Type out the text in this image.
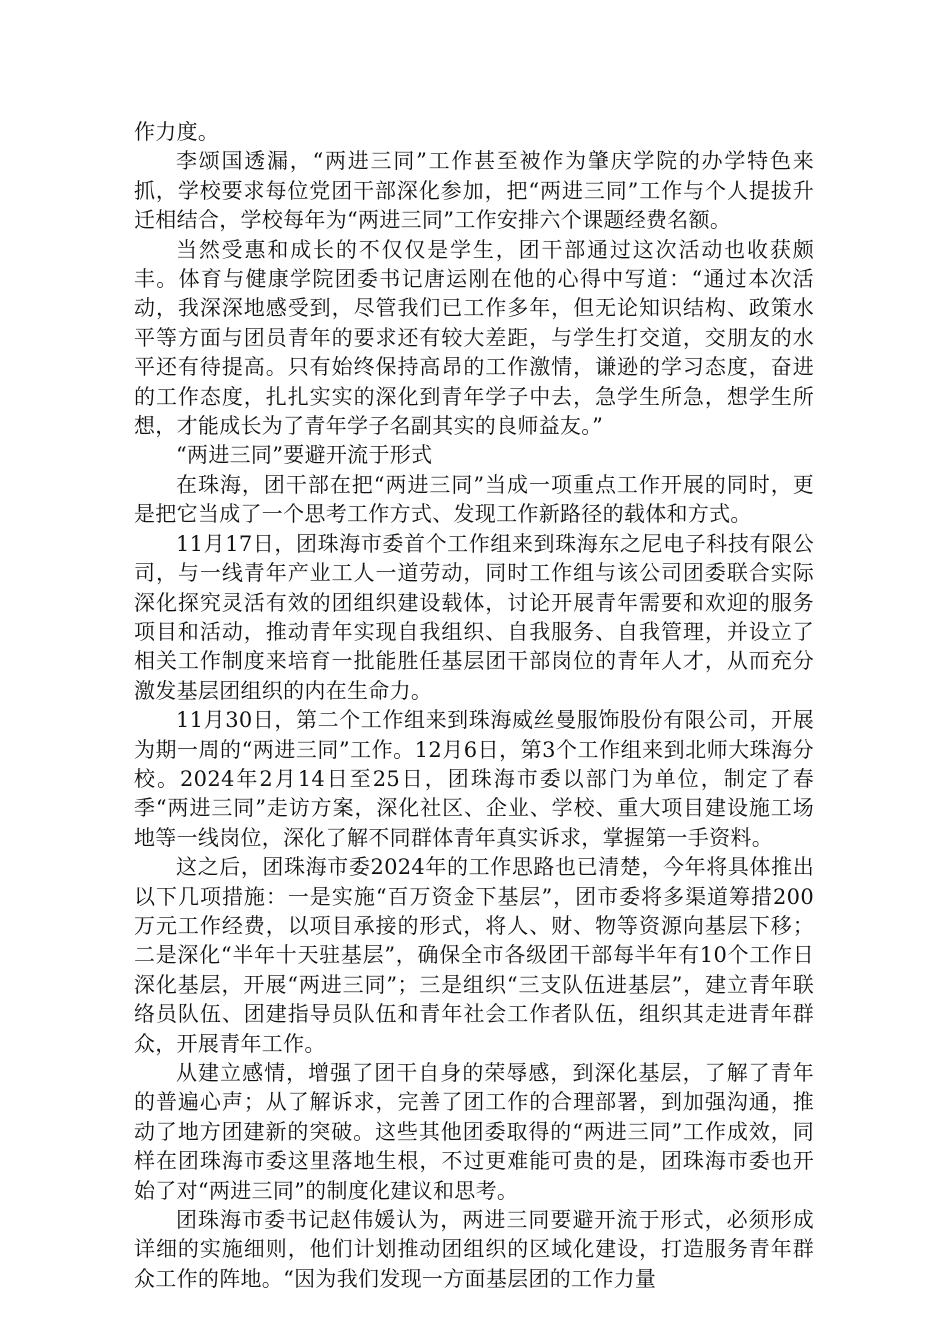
作力度。

李颂国透漏，“两进三同”工作甚至被作为肇庆学院的办学特色来抓，学校要求每位党团干部深化参加，把“两进三同”工作与个人提拔升迁相结合，学校每年为“两进三同”工作安排六个课题经费名额。

当然受惠和成长的不仅仅是学生，团干部通过这次活动也收获颇丰。体育与健康学院团委书记唐运刚在他的心得中写道：“通过本次活动，我深深地感受到，尽管我们已工作多年，但无论知识结构、政策水平等方面与团员青年的要求还有较大差距，与学生打交道，交朋友的水平还有待提高。只有始终保持高昂的工作激情，谦逊的学习态度，奋进的工作态度，扎扎实实的深化到青年学子中去，急学生所急，想学生所想，才能成长为了青年学子名副其实的良师益友。”

“两进三同”要避开流于形式

在珠海，团干部在把“两进三同”当成一项重点工作开展的同时，更是把它当成了一个思考工作方式、发现工作新路径的载体和方式。

11月17日，团珠海市委首个工作组来到珠海东之尼电子科技有限公司，与一线青年产业工人一道劳动，同时工作组与该公司团委联合实际深化探究灵活有效的团组织建设载体，讨论开展青年需要和欢迎的服务项目和活动，推动青年实现自我组织、自我服务、自我管理，并设立了相关工作制度来培育一批能胜任基层团干部岗位的青年人才，从而充分激发基层团组织的内在生命力。

11月30日，第二个工作组来到珠海威丝曼服饰股份有限公司，开展为期一周的“两进三同”工作。12月6日，第3个工作组来到北师大珠海分校。2024年2月14日至25日，团珠海市委以部门为单位，制定了春季“两进三同”走访方案，深化社区、企业、学校、重大项目建设施工场地等一线岗位，深化了解不同群体青年真实诉求，掌握第一手资料。

这之后，团珠海市委2024年的工作思路也已清楚，今年将具体推出以下几项措施：一是实施“百万资金下基层”，团市委将多渠道筹措200万元工作经费，以项目承接的形式，将人、财、物等资源向基层下移；二是深化“半年十天驻基层”，确保全市各级团干部每半年有10个工作日深化基层，开展“两进三同”；三是组织“三支队伍进基层”，建立青年联络员队伍、团建指导员队伍和青年社会工作者队伍，组织其走进青年群众，开展青年工作。

从建立感情，增强了团干自身的荣辱感，到深化基层，了解了青年的普遍心声；从了解诉求，完善了团工作的合理部署，到加强沟通，推动了地方团建新的突破。这些其他团委取得的“两进三同”工作成效，同样在团珠海市委这里落地生根，不过更难能可贵的是，团珠海市委也开始了对“两进三同”的制度化建议和思考。

团珠海市委书记赵伟媛认为，两进三同要避开流于形式，必须形成详细的实施细则，他们计划推动团组织的区域化建设，打造服务青年群众工作的阵地。“因为我们发现一方面基层团的工作力量
